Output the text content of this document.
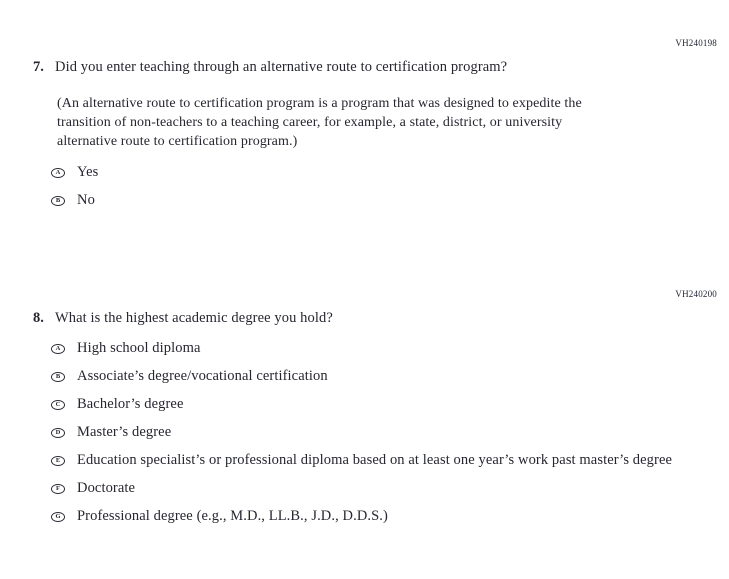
VH240198
7. Did you enter teaching through an alternative route to certification program?
(An alternative route to certification program is a program that was designed to expedite the transition of non-teachers to a teaching career, for example, a state, district, or university alternative route to certification program.)
A Yes
B No
VH240200
8. What is the highest academic degree you hold?
A High school diploma
B Associate’s degree/vocational certification
C Bachelor’s degree
D Master’s degree
E Education specialist’s or professional diploma based on at least one year’s work past master’s degree
F Doctorate
G Professional degree (e.g., M.D., LL.B., J.D., D.D.S.)
